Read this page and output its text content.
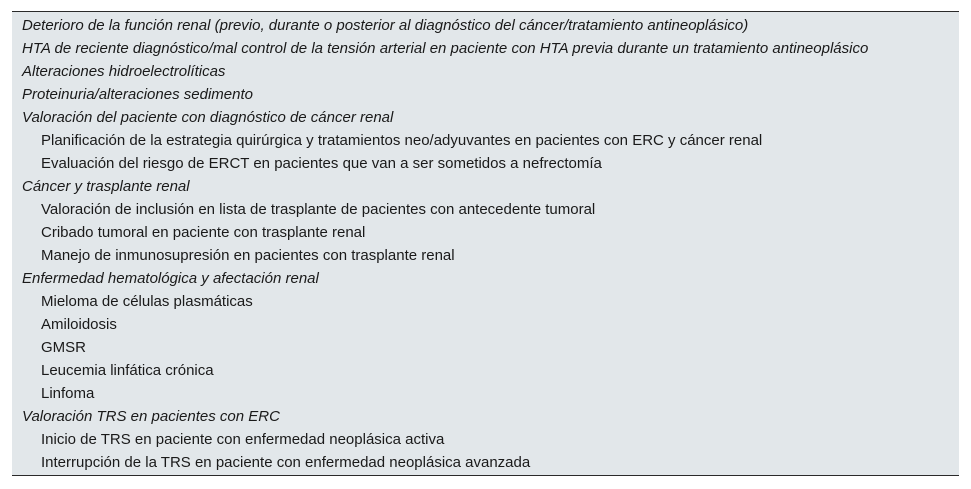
Deterioro de la función renal (previo, durante o posterior al diagnóstico del cáncer/tratamiento antineoplásico)
HTA de reciente diagnóstico/mal control de la tensión arterial en paciente con HTA previa durante un tratamiento antineoplásico
Alteraciones hidroelectrolíticas
Proteinuria/alteraciones sedimento
Valoración del paciente con diagnóstico de cáncer renal
Planificación de la estrategia quirúrgica y tratamientos neo/adyuvantes en pacientes con ERC y cáncer renal
Evaluación del riesgo de ERCT en pacientes que van a ser sometidos a nefrectomía
Cáncer y trasplante renal
Valoración de inclusión en lista de trasplante de pacientes con antecedente tumoral
Cribado tumoral en paciente con trasplante renal
Manejo de inmunosupresión en pacientes con trasplante renal
Enfermedad hematológica y afectación renal
Mieloma de células plasmáticas
Amiloidosis
GMSR
Leucemia linfática crónica
Linfoma
Valoración TRS en pacientes con ERC
Inicio de TRS en paciente con enfermedad neoplásica activa
Interrupción de la TRS en paciente con enfermedad neoplásica avanzada
